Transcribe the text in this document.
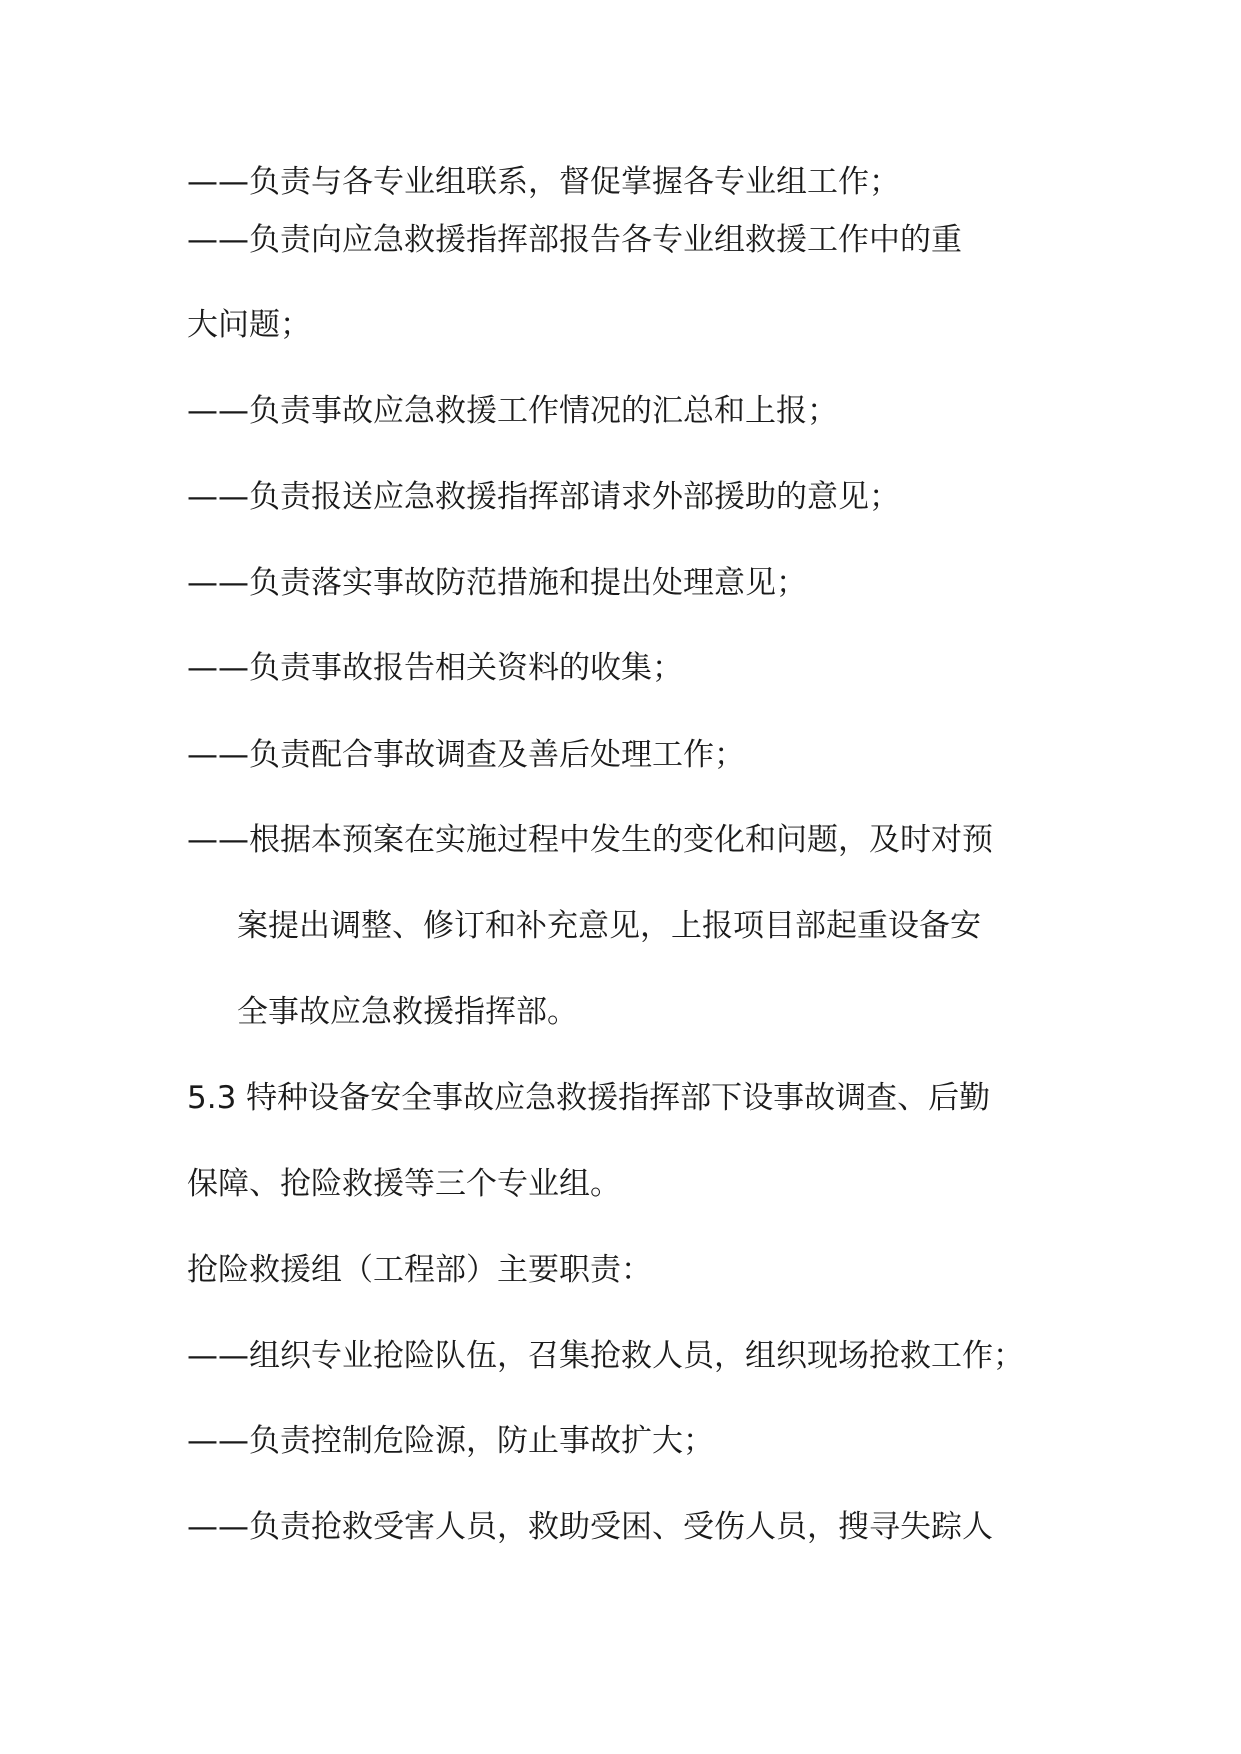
——负责与各专业组联系，督促掌握各专业组工作；
——负责向应急救援指挥部报告各专业组救援工作中的重
大问题；
——负责事故应急救援工作情况的汇总和上报；
——负责报送应急救援指挥部请求外部援助的意见；
——负责落实事故防范措施和提出处理意见；
——负责事故报告相关资料的收集；
——负责配合事故调查及善后处理工作；
——根据本预案在实施过程中发生的变化和问题，及时对预
案提出调整、修订和补充意见，上报项目部起重设备安
全事故应急救援指挥部。
5.3 特种设备安全事故应急救援指挥部下设事故调查、后勤
保障、抢险救援等三个专业组。
抢险救援组（工程部）主要职责：
——组织专业抢险队伍，召集抢救人员，组织现场抢救工作；
——负责控制危险源，防止事故扩大；
——负责抢救受害人员，救助受困、受伤人员，搜寻失踪人
